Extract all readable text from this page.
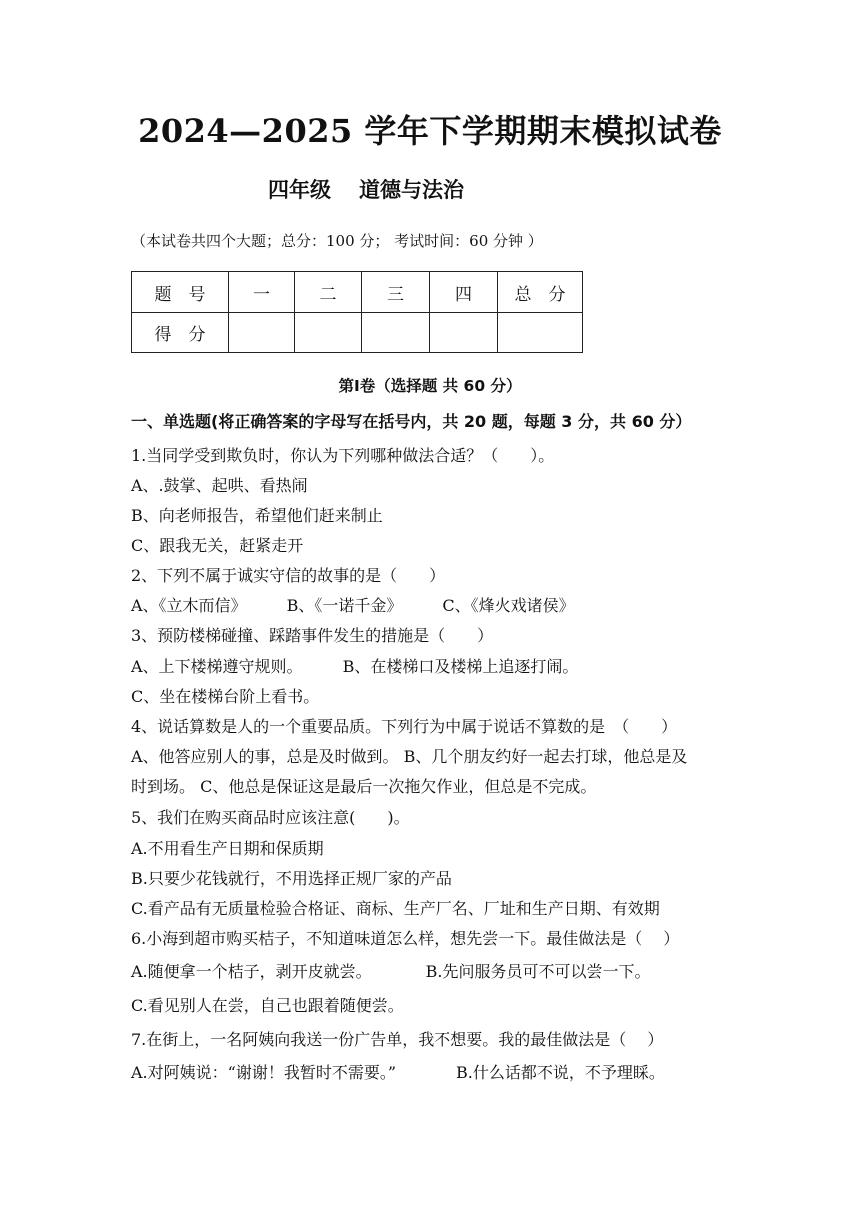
2024—2025 学年下学期期末模拟试卷
四年级 道德与法治
（本试卷共四个大题；总分：100 分； 考试时间：60 分钟 ）
题　号	一	二	三	四	总　分
得　分					
第Ⅰ卷（选择题 共 60 分）
一、单选题(将正确答案的字母写在括号内，共 20 题，每题 3 分，共 60 分）
1.当同学受到欺负时，你认为下列哪种做法合适？（　　）。
A、.鼓掌、起哄、看热闹
B、向老师报告，希望他们赶来制止
C、跟我无关，赶紧走开
2、下列不属于诚实守信的故事的是（　　）
A、《立木而信》	B、《一诺千金》	C、《烽火戏诸侯》
3、预防楼梯碰撞、踩踏事件发生的措施是（　　）
A、上下楼梯遵守规则。	B、在楼梯口及楼梯上追逐打闹。
C、坐在楼梯台阶上看书。
4、说话算数是人的一个重要品质。下列行为中属于说话不算数的是　（　　）
A、他答应别人的事，总是及时做到。 B、几个朋友约好一起去打球，他总是及
时到场。 C、他总是保证这是最后一次拖欠作业，但总是不完成。
5、我们在购买商品时应该注意(　　)。
A.不用看生产日期和保质期
B.只要少花钱就行，不用选择正规厂家的产品
C.看产品有无质量检验合格证、商标、生产厂名、厂址和生产日期、有效期
6.小海到超市购买桔子，不知道味道怎么样，想先尝一下。最佳做法是（　 ）
A.随便拿一个桔子，剥开皮就尝。	B.先问服务员可不可以尝一下。
C.看见别人在尝，自己也跟着随便尝。
7.在街上，一名阿姨向我送一份广告单，我不想要。我的最佳做法是（　 ）
A.对阿姨说：“谢谢！我暂时不需要。”	B.什么话都不说，不予理睬。
